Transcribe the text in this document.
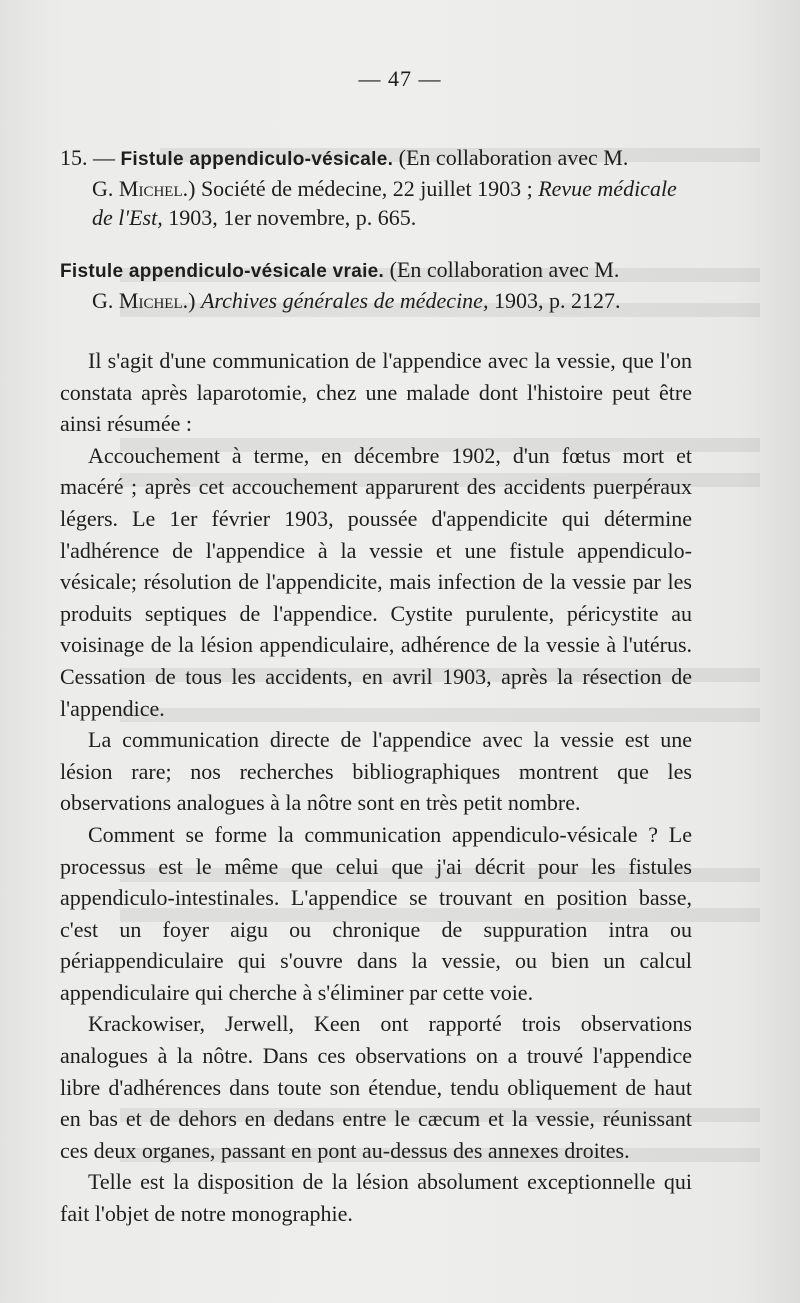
— 47 —
15. — Fistule appendiculo-vésicale. (En collaboration avec M.
G. Michel.) Société de médecine, 22 juillet 1903 ; Revue médicale
de l'Est, 1903, 1er novembre, p. 665.
Fistule appendiculo-vésicale vraie. (En collaboration avec M.
G. Michel.) Archives générales de médecine, 1903, p. 2127.

Il s'agit d'une communication de l'appendice avec la vessie, que l'on constata après laparotomie, chez une malade dont l'histoire peut être ainsi résumée :

Accouchement à terme, en décembre 1902, d'un fœtus mort et macéré ; après cet accouchement apparurent des accidents puerpéraux légers. Le 1er février 1903, poussée d'appendicite qui détermine l'adhérence de l'appendice à la vessie et une fistule appendiculo-vésicale; résolution de l'appendicite, mais infection de la vessie par les produits septiques de l'appendice. Cystite purulente, péricystite au voisinage de la lésion appendiculaire, adhérence de la vessie à l'utérus. Cessation de tous les accidents, en avril 1903, après la résection de l'appendice.

La communication directe de l'appendice avec la vessie est une lésion rare; nos recherches bibliographiques montrent que les observations analogues à la nôtre sont en très petit nombre.

Comment se forme la communication appendiculo-vésicale ? Le processus est le même que celui que j'ai décrit pour les fistules appendiculo-intestinales. L'appendice se trouvant en position basse, c'est un foyer aigu ou chronique de suppuration intra ou périappendiculaire qui s'ouvre dans la vessie, ou bien un calcul appendiculaire qui cherche à s'éliminer par cette voie.

Krackowiser, Jerwell, Keen ont rapporté trois observations analogues à la nôtre. Dans ces observations on a trouvé l'appendice libre d'adhérences dans toute son étendue, tendu obliquement de haut en bas et de dehors en dedans entre le cæcum et la vessie, réunissant ces deux organes, passant en pont au-dessus des annexes droites.

Telle est la disposition de la lésion absolument exceptionnelle qui fait l'objet de notre monographie.
